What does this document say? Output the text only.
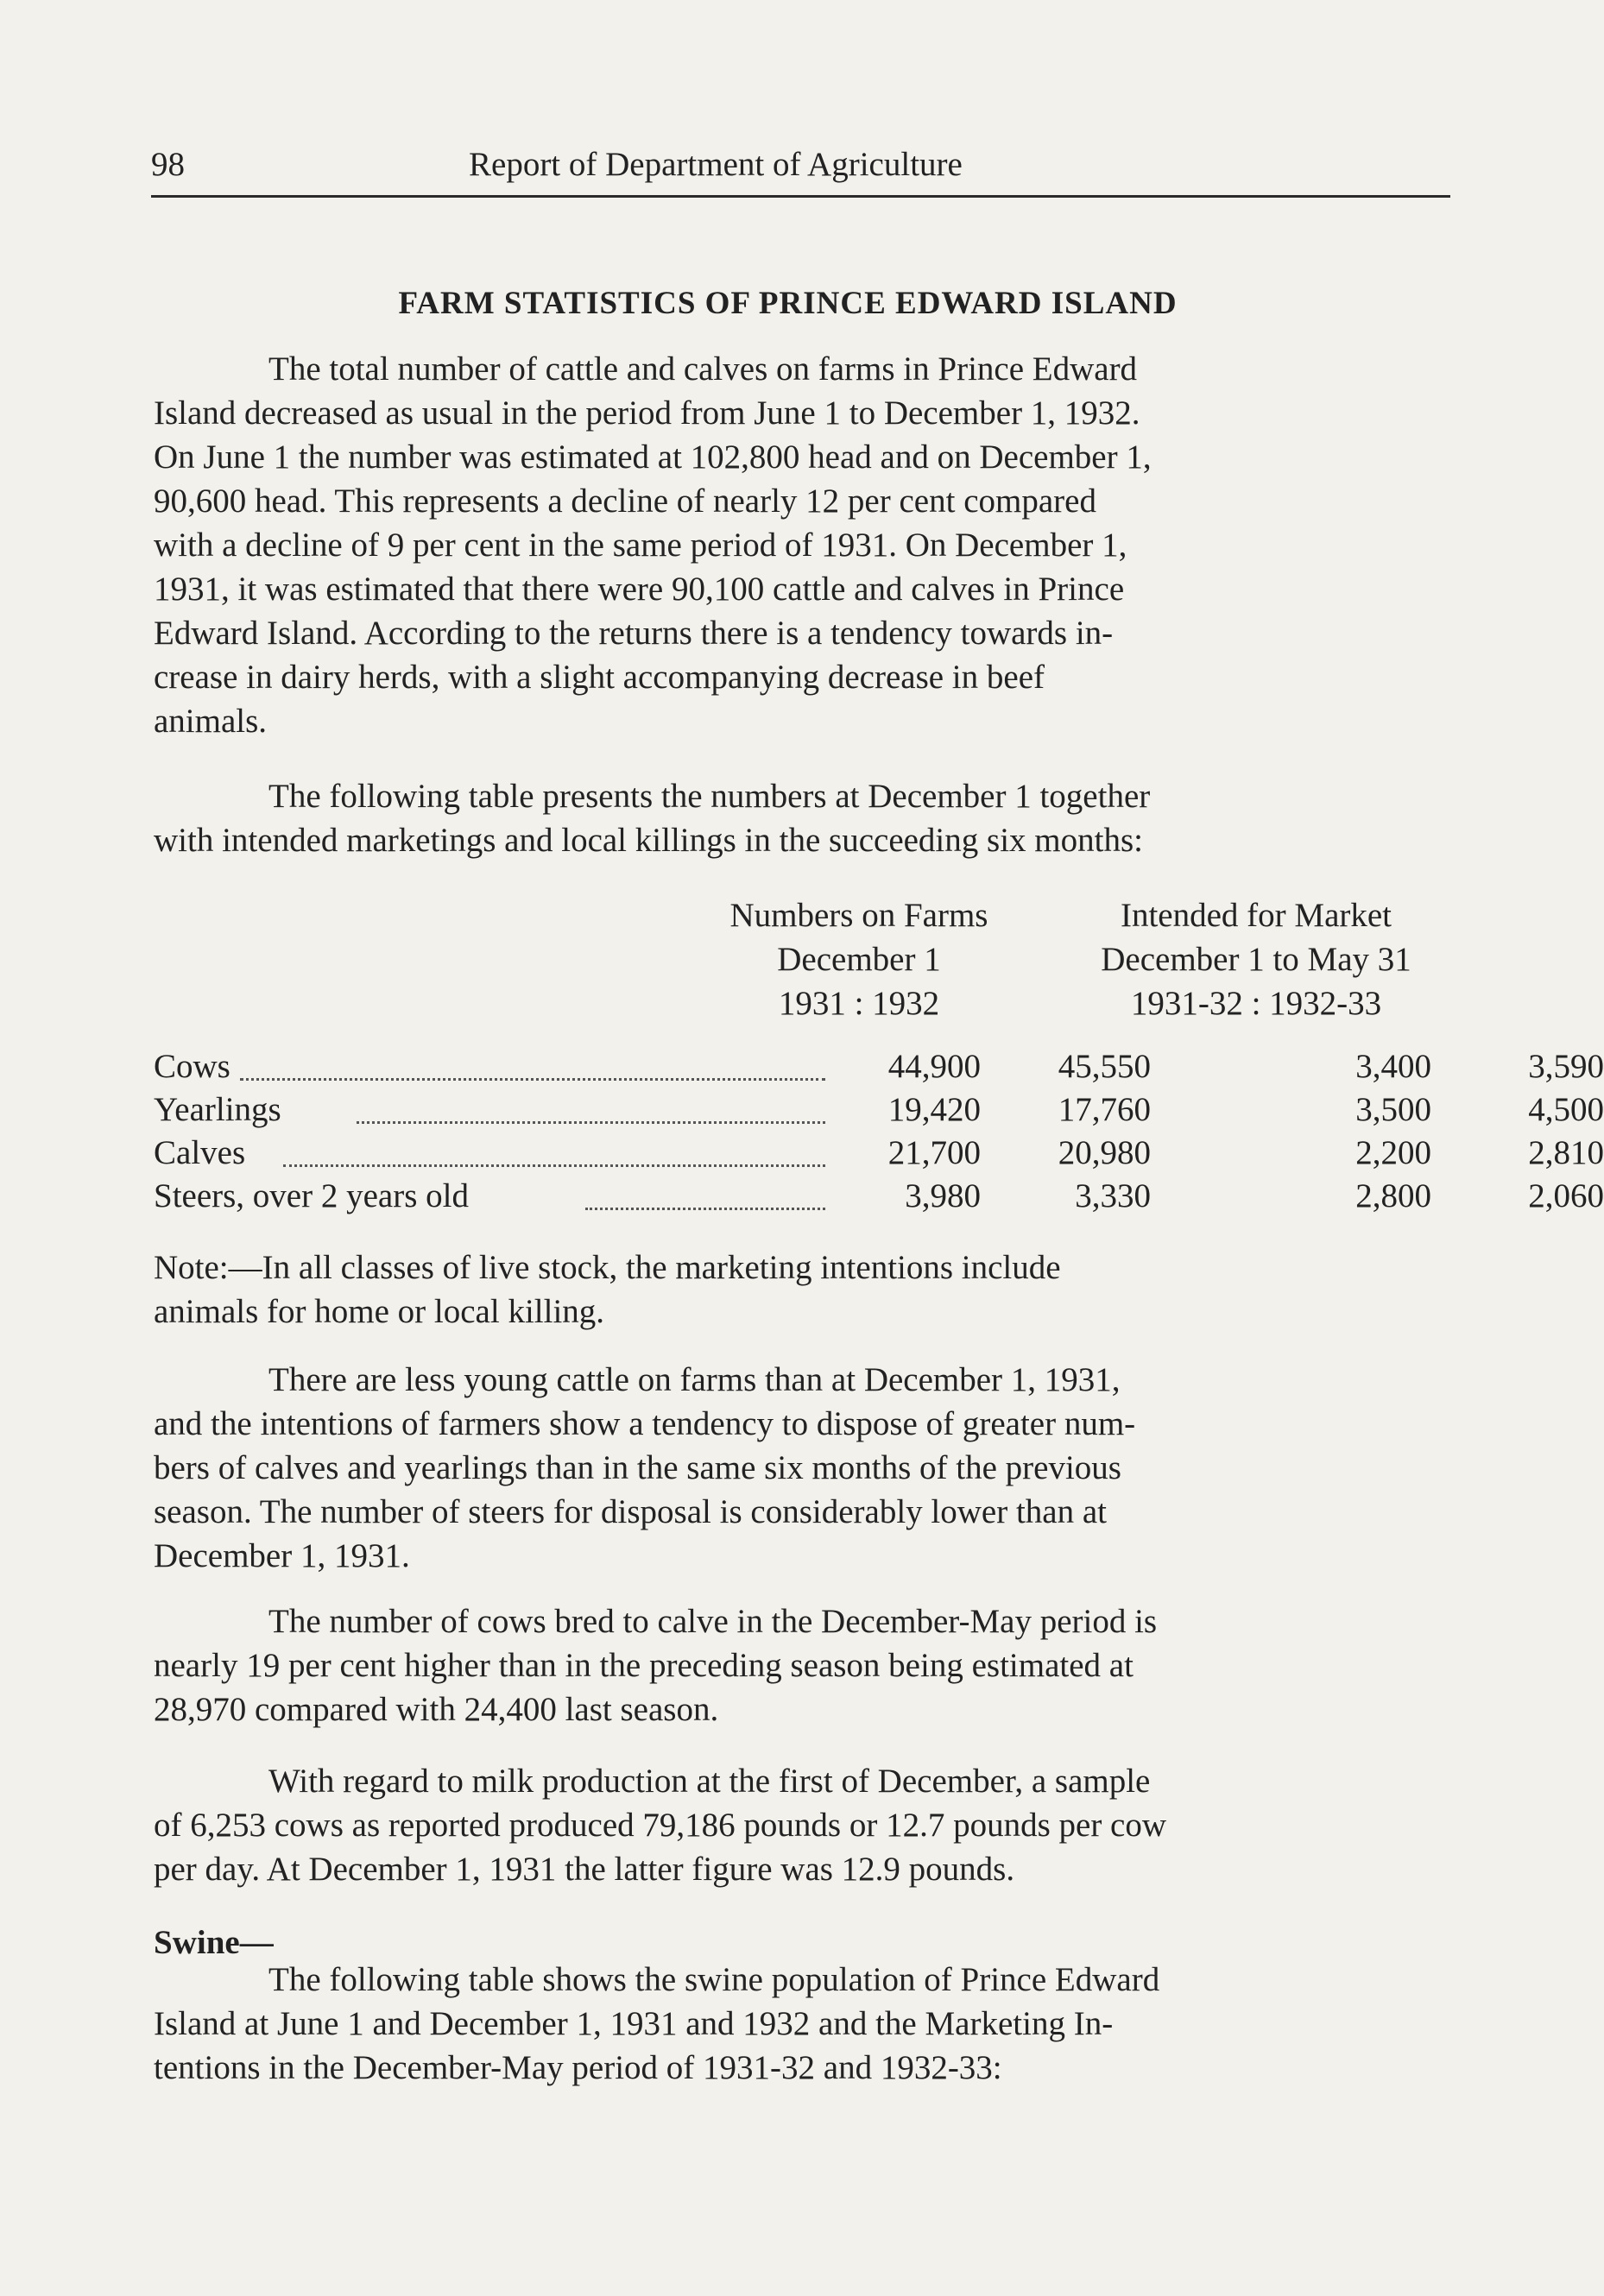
98	Report of Department of Agriculture
FARM STATISTICS OF PRINCE EDWARD ISLAND
The total number of cattle and calves on farms in Prince Edward
Island decreased as usual in the period from June 1 to December 1, 1932.
On June 1 the number was estimated at 102,800 head and on December 1,
90,600 head. This represents a decline of nearly 12 per cent compared
with a decline of 9 per cent in the same period of 1931. On December 1,
1931, it was estimated that there were 90,100 cattle and calves in Prince
Edward Island. According to the returns there is a tendency towards in-
crease in dairy herds, with a slight accompanying decrease in beef
animals.
The following table presents the numbers at December 1 together
with intended marketings and local killings in the succeeding six months:
Numbers on Farms
December 1
1931 : 1932
Intended for Market
December 1 to May 31
1931-32 : 1932-33
Cows	44,900	45,550	3,400	3,590
Yearlings	19,420	17,760	3,500	4,500
Calves	21,700	20,980	2,200	2,810
Steers, over 2 years old	3,980	3,330	2,800	2,060
Note:—In all classes of live stock, the marketing intentions include
animals for home or local killing.
There are less young cattle on farms than at December 1, 1931,
and the intentions of farmers show a tendency to dispose of greater num-
bers of calves and yearlings than in the same six months of the previous
season. The number of steers for disposal is considerably lower than at
December 1, 1931.
The number of cows bred to calve in the December-May period is
nearly 19 per cent higher than in the preceding season being estimated at
28,970 compared with 24,400 last season.
With regard to milk production at the first of December, a sample
of 6,253 cows as reported produced 79,186 pounds or 12.7 pounds per cow
per day. At December 1, 1931 the latter figure was 12.9 pounds.
Swine—
The following table shows the swine population of Prince Edward
Island at June 1 and December 1, 1931 and 1932 and the Marketing In-
tentions in the December-May period of 1931-32 and 1932-33:
